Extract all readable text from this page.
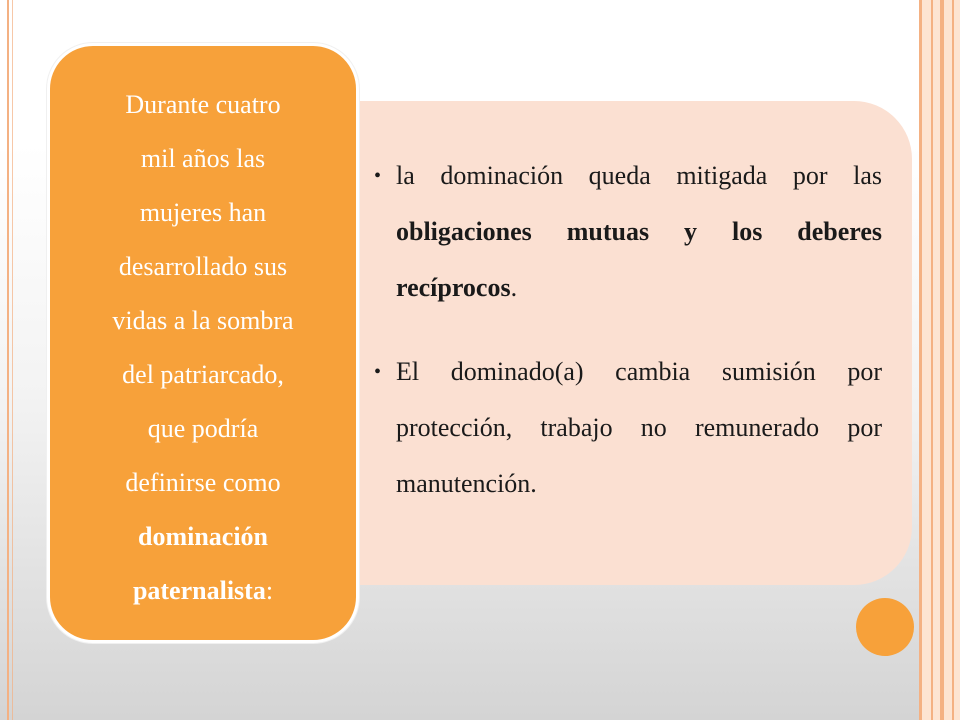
• la dominación queda mitigada por las obligaciones mutuas y los deberes recíprocos.

• El dominado(a) cambia sumisión por protección, trabajo no remunerado por manutención.

Durante cuatro
mil años las
mujeres han
desarrollado sus
vidas a la sombra
del patriarcado,
que podría
definirse como
dominación
paternalista:
